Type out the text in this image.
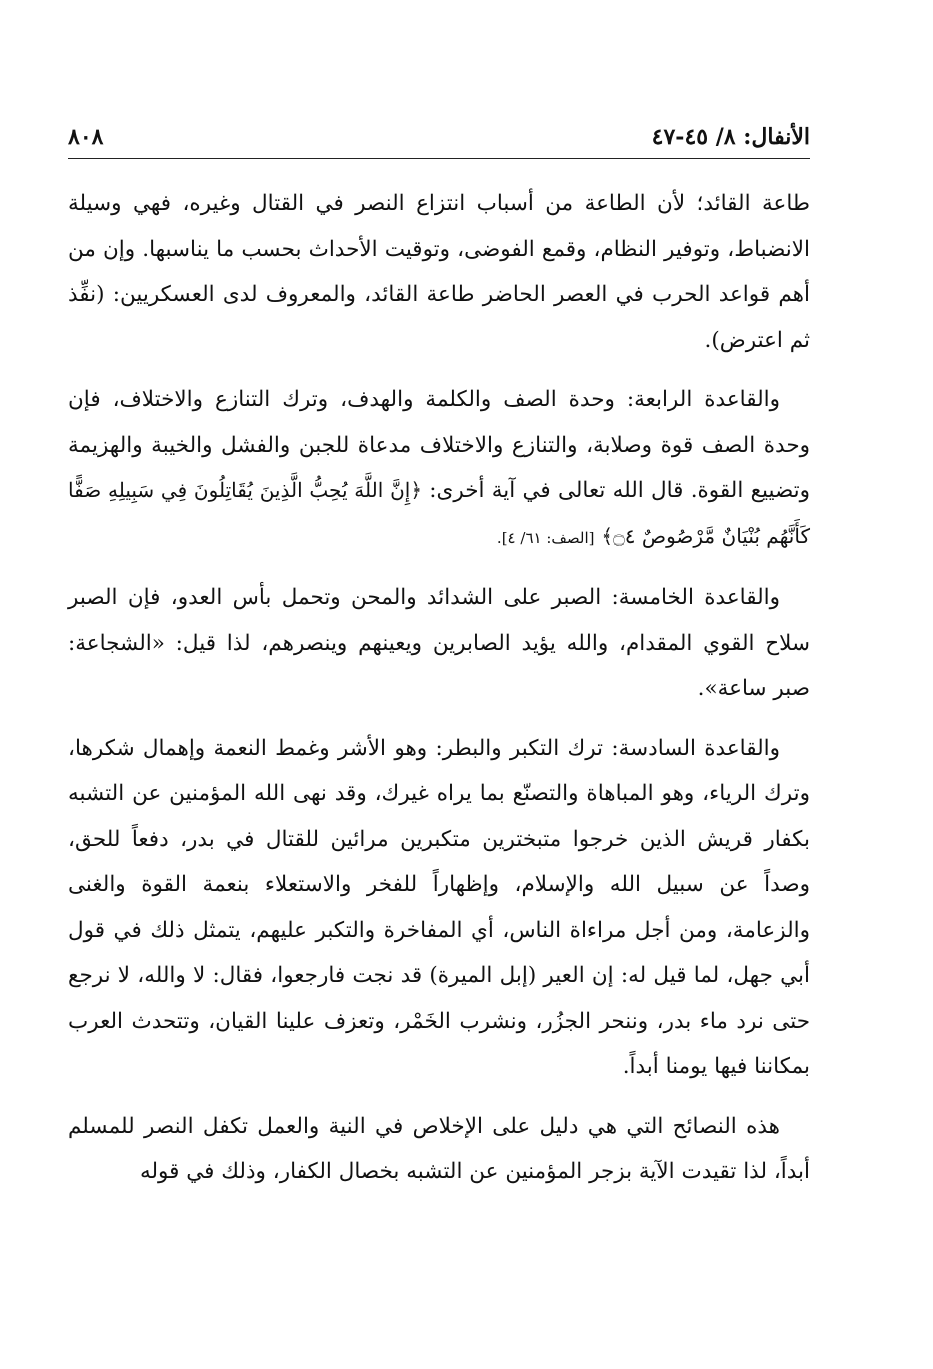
الأنفال: ٨/ ٤٥-٤٧
٨٠٨

طاعة القائد؛ لأن الطاعة من أسباب انتزاع النصر في القتال وغيره، فهي وسيلة الانضباط، وتوفير النظام، وقمع الفوضى، وتوقيت الأحداث بحسب ما يناسبها. وإن من أهم قواعد الحرب في العصر الحاضر طاعة القائد، والمعروف لدى العسكريين: (نفِّذ ثم اعترض).

والقاعدة الرابعة: وحدة الصف والكلمة والهدف، وترك التنازع والاختلاف، فإن وحدة الصف قوة وصلابة، والتنازع والاختلاف مدعاة للجبن والفشل والخيبة والهزيمة وتضييع القوة. قال الله تعالى في آية أخرى: ﴿إِنَّ اللَّهَ يُحِبُّ الَّذِينَ يُقَاتِلُونَ فِي سَبِيلِهِ صَفًّا كَأَنَّهُم بُنْيَانٌ مَّرْصُوصٌ ۝٤﴾ [الصف: ٦١/ ٤].

والقاعدة الخامسة: الصبر على الشدائد والمحن وتحمل بأس العدو، فإن الصبر سلاح القوي المقدام، والله يؤيد الصابرين ويعينهم وينصرهم، لذا قيل: «الشجاعة: صبر ساعة».

والقاعدة السادسة: ترك التكبر والبطر: وهو الأشر وغمط النعمة وإهمال شكرها، وترك الرياء، وهو المباهاة والتصنّع بما يراه غيرك، وقد نهى الله المؤمنين عن التشبه بكفار قريش الذين خرجوا متبخترين متكبرين مرائين للقتال في بدر، دفعاً للحق، وصداً عن سبيل الله والإسلام، وإظهاراً للفخر والاستعلاء بنعمة القوة والغنى والزعامة، ومن أجل مراءاة الناس، أي المفاخرة والتكبر عليهم، يتمثل ذلك في قول أبي جهل، لما قيل له: إن العير (إبل الميرة) قد نجت فارجعوا، فقال: لا والله، لا نرجع حتى نرد ماء بدر، وننحر الجزُر، ونشرب الخَمْر، وتعزف علينا القيان، وتتحدث العرب بمكاننا فيها يومنا أبداً.

هذه النصائح التي هي دليل على الإخلاص في النية والعمل تكفل النصر للمسلم أبداً، لذا تقيدت الآية بزجر المؤمنين عن التشبه بخصال الكفار، وذلك في قوله
